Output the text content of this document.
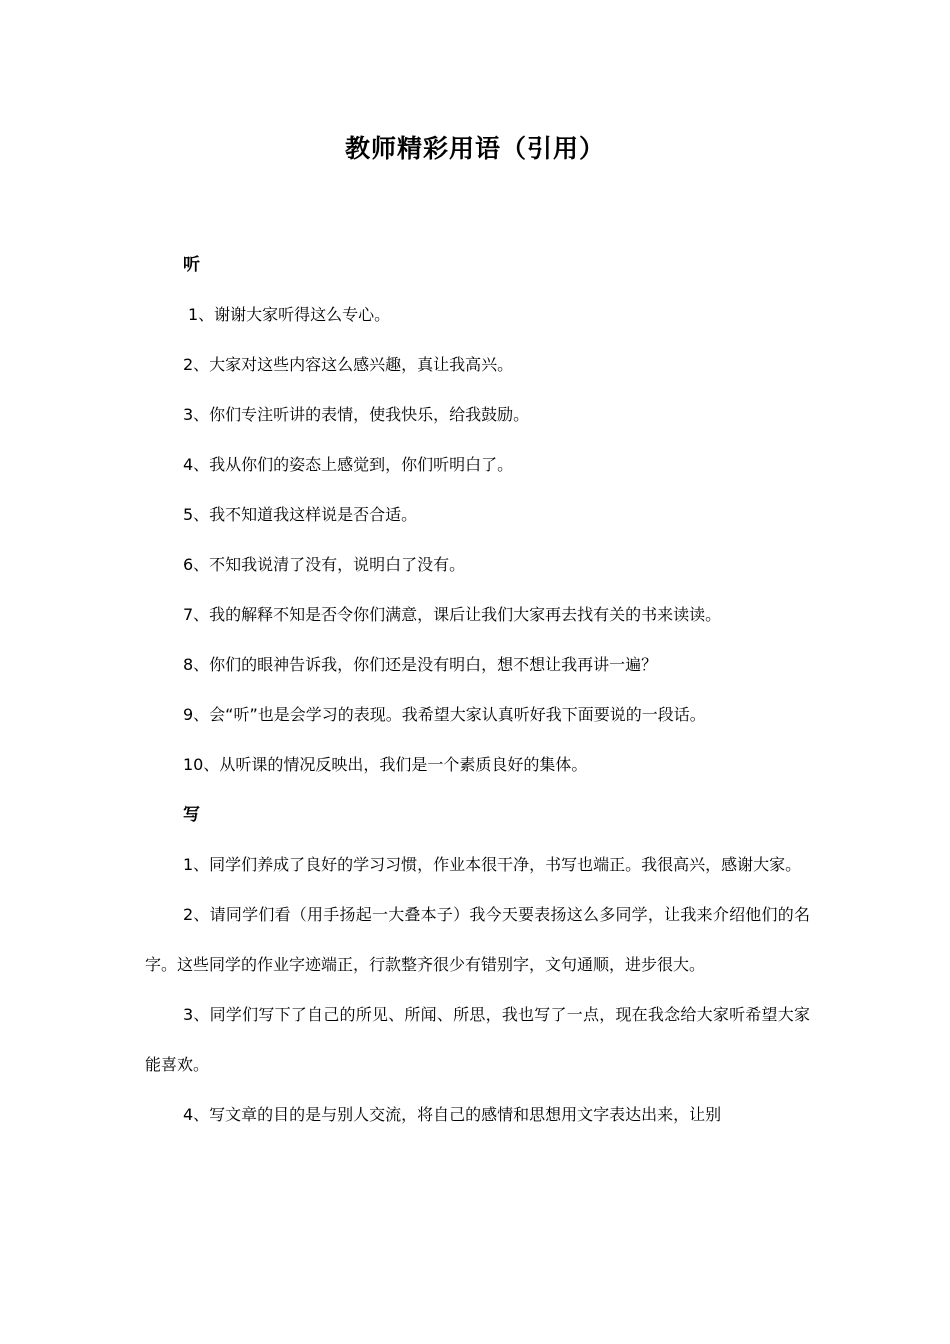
教师精彩用语（引用）
听
1、谢谢大家听得这么专心。
2、大家对这些内容这么感兴趣，真让我高兴。
3、你们专注听讲的表情，使我快乐，给我鼓励。
4、我从你们的姿态上感觉到，你们听明白了。
5、我不知道我这样说是否合适。
6、不知我说清了没有，说明白了没有。
7、我的解释不知是否令你们满意，课后让我们大家再去找有关的书来读读。
8、你们的眼神告诉我，你们还是没有明白，想不想让我再讲一遍？
9、会“听”也是会学习的表现。我希望大家认真听好我下面要说的一段话。
10、从听课的情况反映出，我们是一个素质良好的集体。
写

1、同学们养成了良好的学习习惯，作业本很干净，书写也端正。我很高兴，感谢大家。

2、请同学们看（用手扬起一大叠本子）我今天要表扬这么多同学，让我来介绍他们的名字。这些同学的作业字迹端正，行款整齐很少有错别字，文句通顺，进步很大。

3、同学们写下了自己的所见、所闻、所思，我也写了一点，现在我念给大家听希望大家能喜欢。

4、写文章的目的是与别人交流，将自己的感情和思想用文字表达出来，让别
